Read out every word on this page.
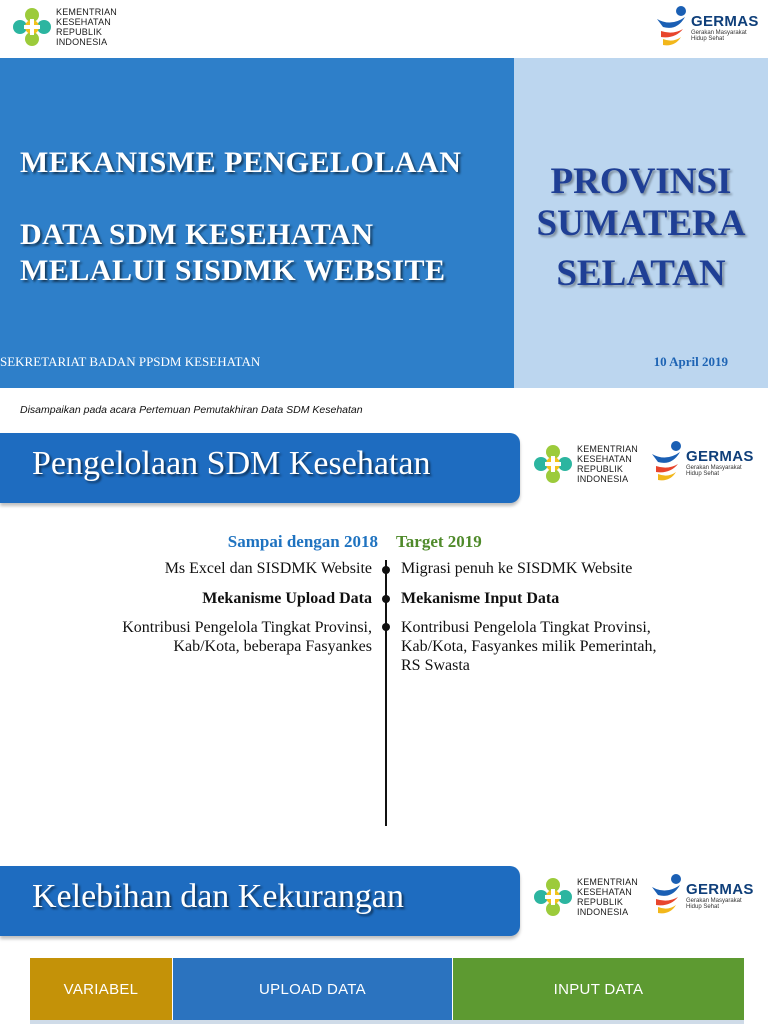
KEMENTRIAN
KESEHATAN
REPUBLIK
INDONESIA
GERMAS
Gerakan Masyarakat
Hidup Sehat
MEKANISME PENGELOLAAN
DATA SDM KESEHATAN
MELALUI SISDMK WEBSITE
SEKRETARIAT BADAN PPSDM KESEHATAN
PROVINSI
SUMATERA
SELATAN
10 April 2019
Disampaikan pada acara Pertemuan Pemutakhiran Data SDM Kesehatan
Pengelolaan SDM Kesehatan	KEMENTRIAN
KESEHATAN
REPUBLIK
INDONESIA
GERMAS
Gerakan Masyarakat
Hidup Sehat
Sampai dengan 2018 Target 2019
Ms Excel dan SISDMK Website Migrasi penuh ke SISDMK Website
Mekanisme Upload Data Mekanisme Input Data
Kontribusi Pengelola Tingkat Provinsi,
Kab/Kota, beberapa Fasyankes
Kontribusi Pengelola Tingkat Provinsi,
Kab/Kota, Fasyankes milik Pemerintah,
RS Swasta
Kelebihan dan Kekurangan	KEMENTRIAN
KESEHATAN
REPUBLIK
INDONESIA
GERMAS
Gerakan Masyarakat
Hidup Sehat
VARIABEL	UPLOAD DATA	INPUT DATA
